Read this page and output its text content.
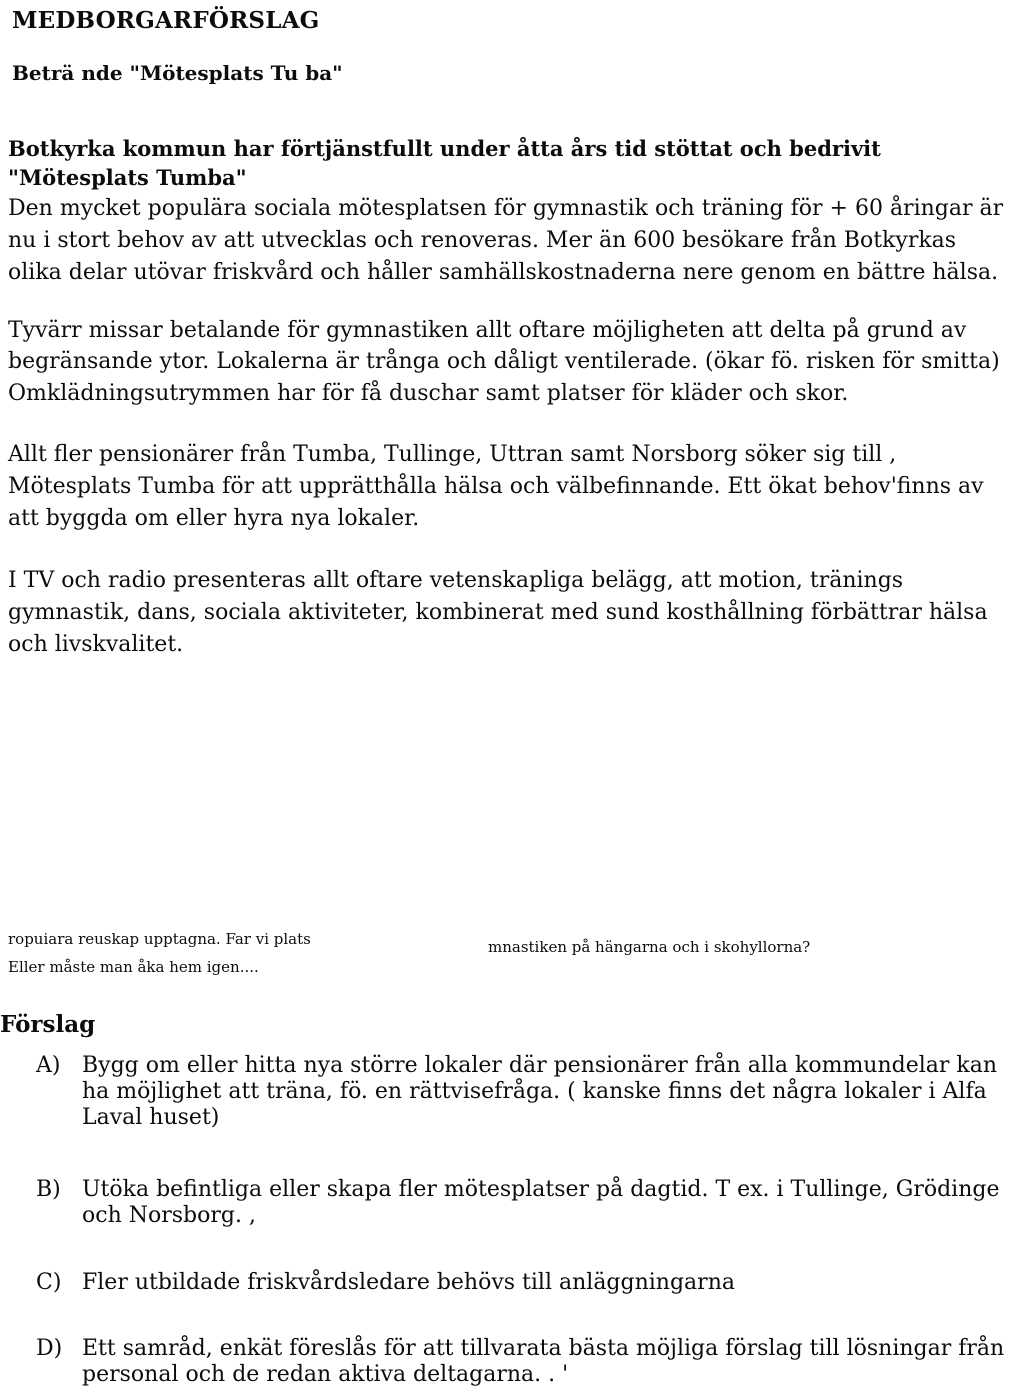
MEDBORGARFÖRSLAG
Beträ nde "Mötesplats Tu ba"
Botkyrka kommun har förtjänstfullt under åtta års tid stöttat och bedrivit
"Mötesplats Tumba"
Den mycket populära sociala mötesplatsen för gymnastik och träning för + 60 åringar är
nu i stort behov av att utvecklas och renoveras. Mer än 600 besökare från Botkyrkas
olika delar utövar friskvård och håller samhällskostnaderna nere genom en bättre hälsa.
Tyvärr missar betalande för gymnastiken allt oftare möjligheten att delta på grund av
begränsande ytor. Lokalerna är trånga och dåligt ventilerade. (ökar fö. risken för smitta)
Omklädningsutrymmen har för få duschar samt platser för kläder och skor.
Allt fler pensionärer från Tumba, Tullinge, Uttran samt Norsborg söker sig till ,
Mötesplats Tumba för att upprätthålla hälsa och välbefinnande. Ett ökat behov'finns av
att byggda om eller hyra nya lokaler.
I TV och radio presenteras allt oftare vetenskapliga belägg, att motion, tränings
gymnastik, dans, sociala aktiviteter, kombinerat med sund kosthållning förbättrar hälsa
och livskvalitet.
ropuiara reuskap upptagna. Far vi plats	mnastiken på hängarna och i skohyllorna?
Eller måste man åka hem igen....
Förslag
A) Bygg om eller hitta nya större lokaler där pensionärer från alla kommundelar kan ha möjlighet att träna, fö. en rättvisefråga. ( kanske finns det några lokaler i Alfa Laval huset)
B) Utöka befintliga eller skapa fler mötesplatser på dagtid. T ex. i Tullinge, Grödinge och Norsborg. ,
C) Fler utbildade friskvårdsledare behövs till anläggningarna
D) Ett samråd, enkät föreslås för att tillvarata bästa möjliga förslag till lösningar från personal och de redan aktiva deltagarna. . '
